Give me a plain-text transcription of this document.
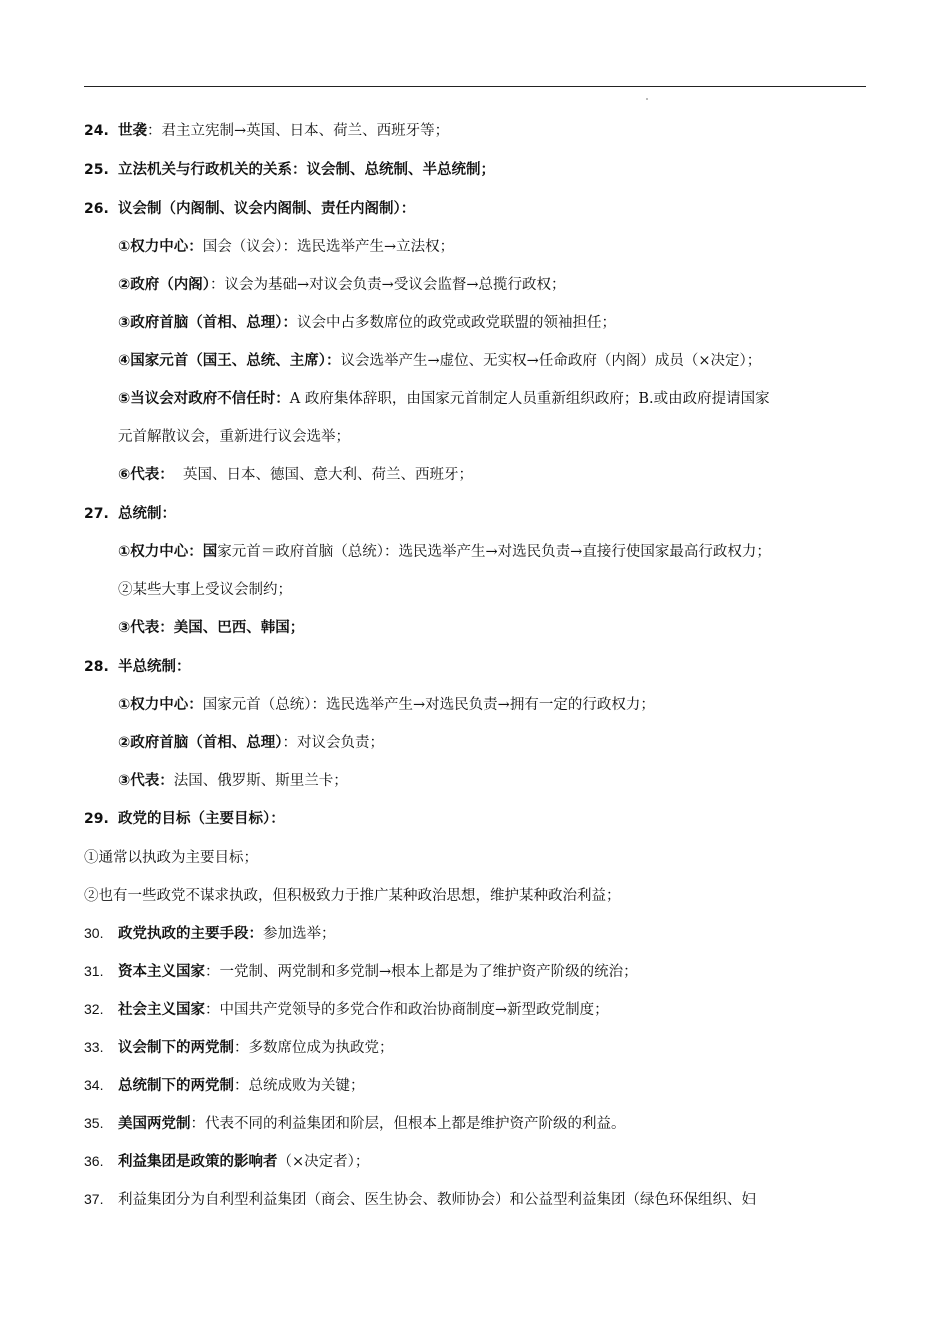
24. 世袭：君主立宪制→英国、日本、荷兰、西班牙等；
25. 立法机关与行政机关的关系：议会制、总统制、半总统制；
26. 议会制（内阁制、议会内阁制、责任内阁制）：
①权力中心：国会（议会）：选民选举产生→立法权；
②政府（内阁）：议会为基础→对议会负责→受议会监督→总揽行政权；
③政府首脑（首相、总理）：议会中占多数席位的政党或政党联盟的领袖担任；
④国家元首（国王、总统、主席）：议会选举产生→虚位、无实权→任命政府（内阁）成员（×决定）；
⑤当议会对政府不信任时：A 政府集体辞职，由国家元首制定人员重新组织政府；B.或由政府提请国家
元首解散议会，重新进行议会选举；
⑥代表：  英国、日本、德国、意大利、荷兰、西班牙；
27. 总统制：
①权力中心：国家元首＝政府首脑（总统）：选民选举产生→对选民负责→直接行使国家最高行政权力；
②某些大事上受议会制约；
③代表：美国、巴西、韩国；
28. 半总统制：
①权力中心：国家元首（总统）：选民选举产生→对选民负责→拥有一定的行政权力；
②政府首脑（首相、总理）：对议会负责；
③代表：法国、俄罗斯、斯里兰卡；
29. 政党的目标（主要目标）：
①通常以执政为主要目标；
②也有一些政党不谋求执政，但积极致力于推广某种政治思想，维护某种政治利益；
30. 政党执政的主要手段：参加选举；
31. 资本主义国家：一党制、两党制和多党制→根本上都是为了维护资产阶级的统治；
32. 社会主义国家：中国共产党领导的多党合作和政治协商制度→新型政党制度；
33. 议会制下的两党制：多数席位成为执政党；
34. 总统制下的两党制：总统成败为关键；
35. 美国两党制：代表不同的利益集团和阶层，但根本上都是维护资产阶级的利益。
36. 利益集团是政策的影响者（×决定者）；
37. 利益集团分为自利型利益集团（商会、医生协会、教师协会）和公益型利益集团（绿色环保组织、妇
